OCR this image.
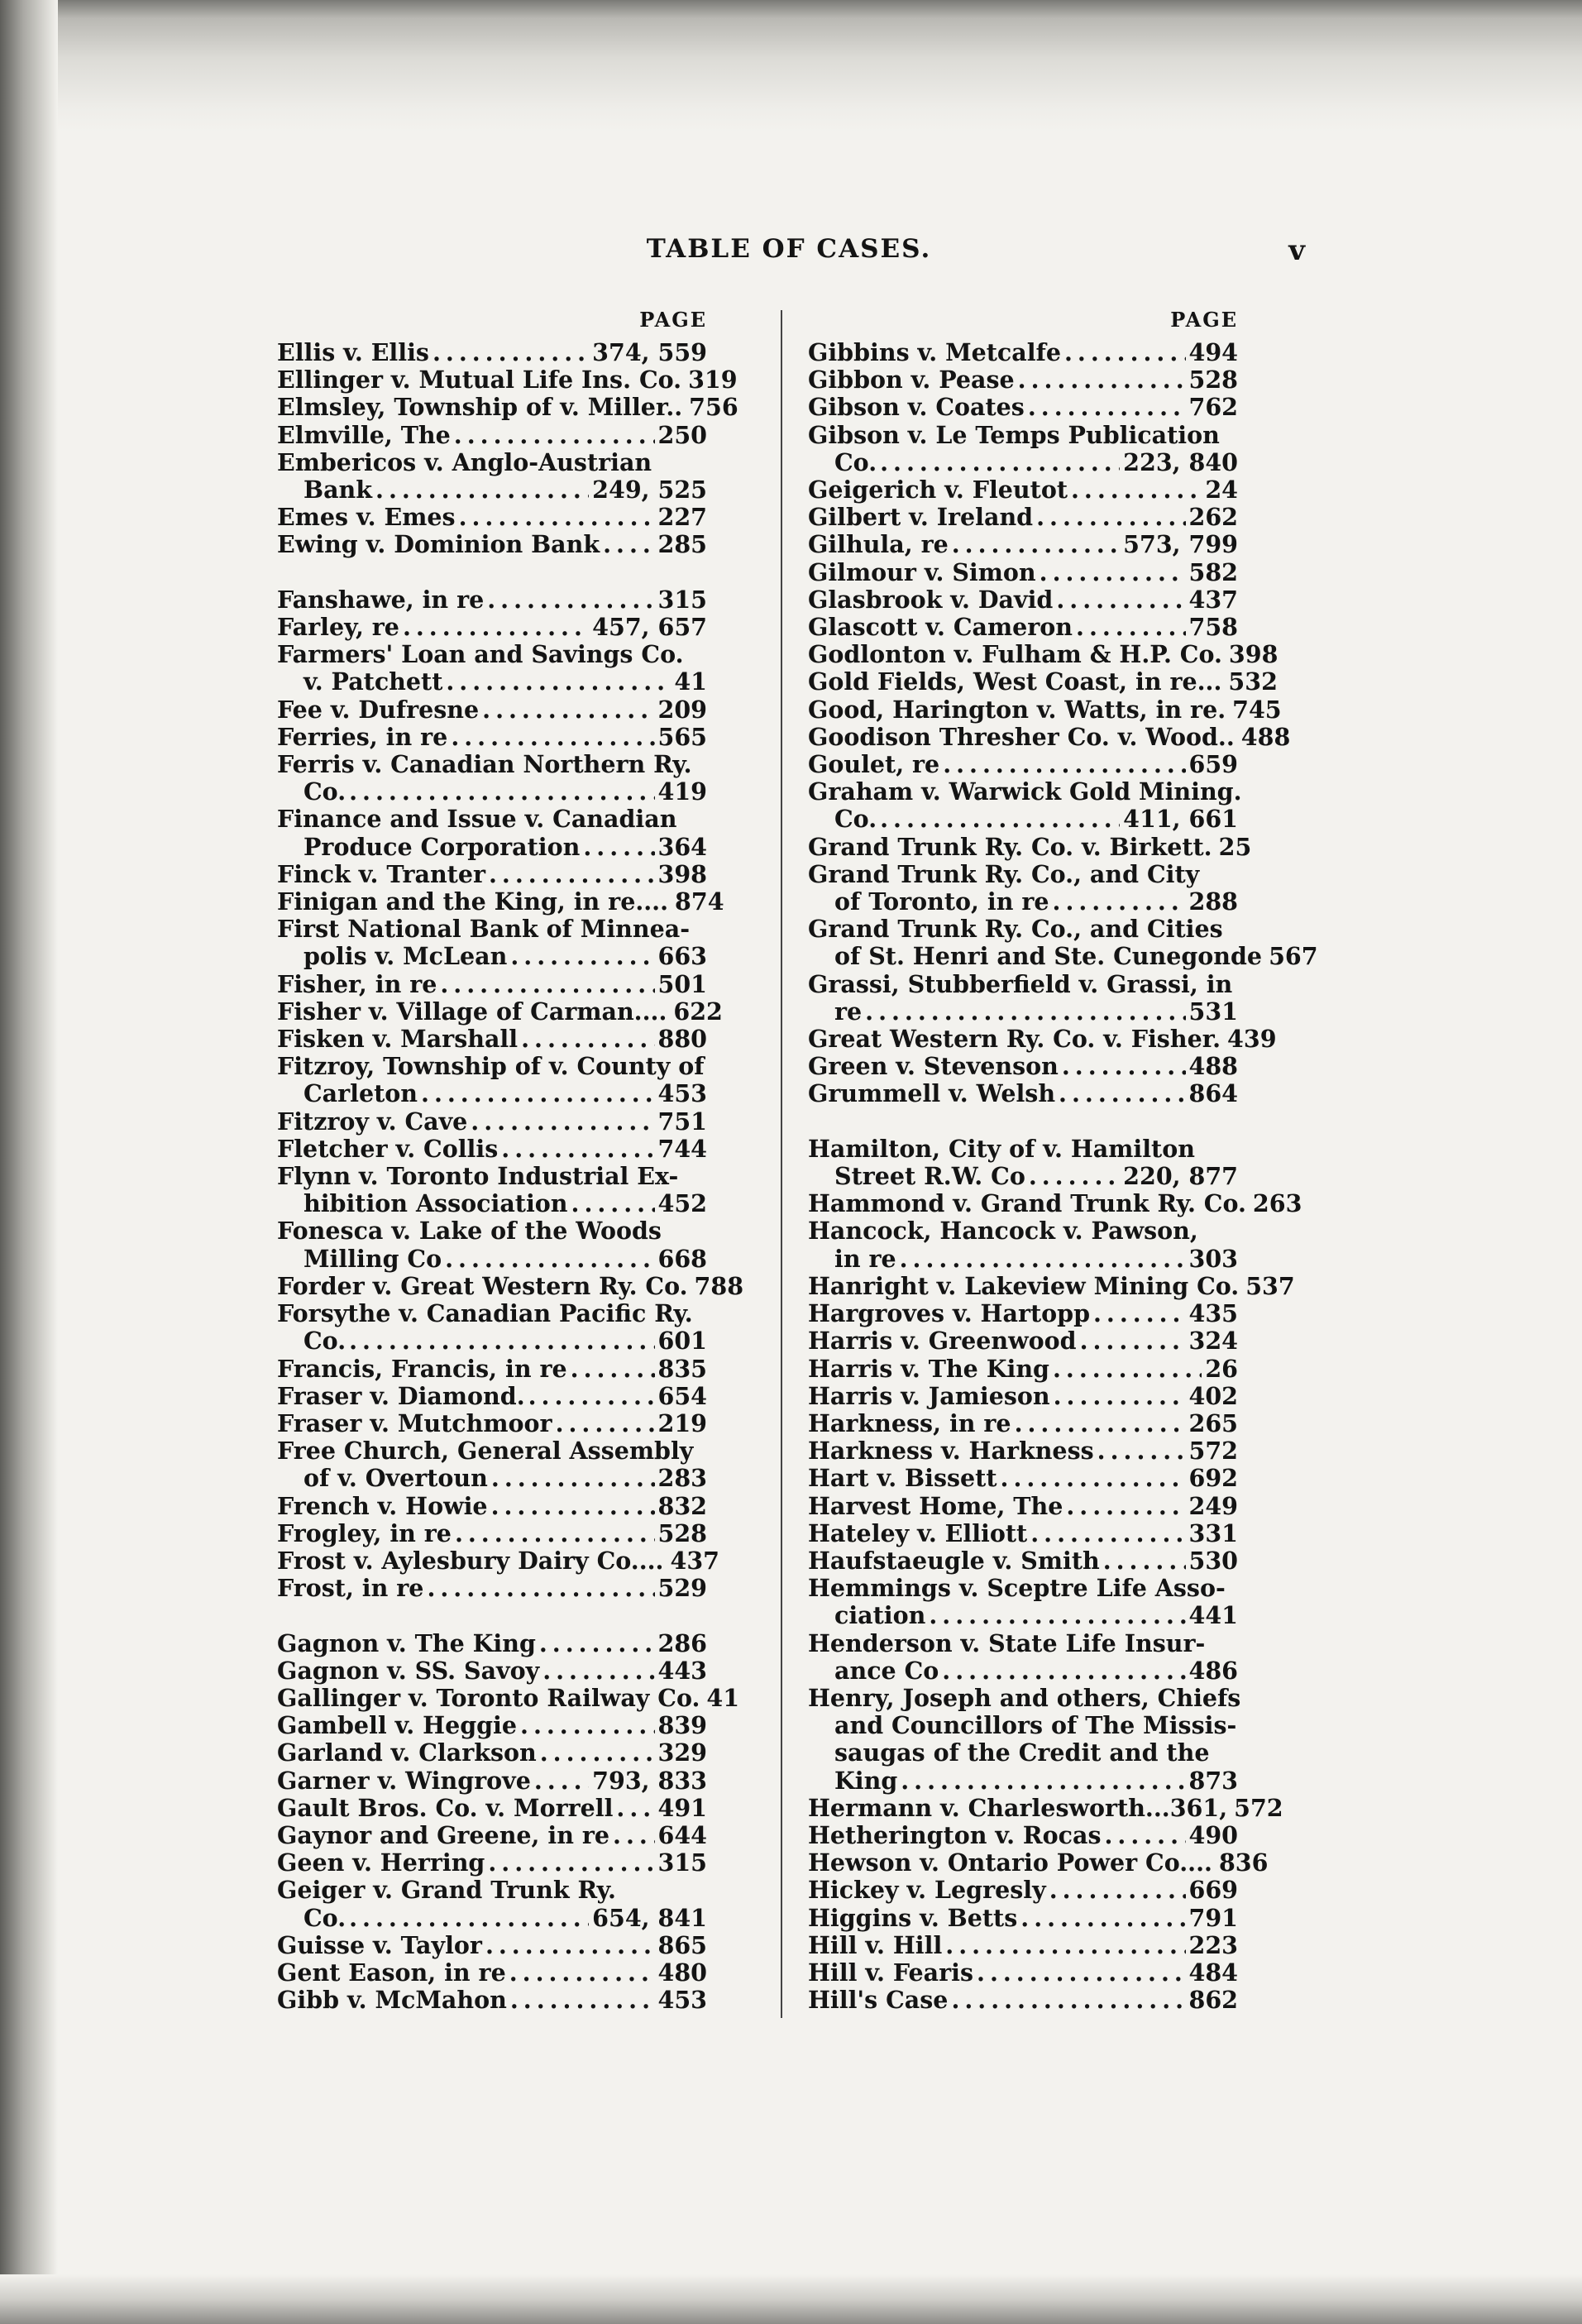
TABLE OF CASES.	v
PAGE
Ellis v. Ellis .....	374, 559
Ellinger v. Mutual Life Ins. Co. 319
Elmsley, Township of v. Miller.. 756
Elmville, The .....	250
Embericos v. Anglo-Austrian
Bank .....	249, 525
Emes v. Emes .....	227
Ewing v. Dominion Bank ..... 285
Fanshawe, in re .....	315
Farley, re .....	457, 657
Farmers' Loan and Savings Co.
v. Patchett .....	41
Fee v. Dufresne .....	209
Ferries, in re .....	565
Ferris v. Canadian Northern Ry.
Co. .....	419
Finance and Issue v. Canadian
Produce Corporation .....	364
Finck v. Tranter .....	398
Finigan and the King, in re.... 874
First National Bank of Minnea-
polis v. McLean .....	663
Fisher, in re .....	501
Fisher v. Village of Carman.... 622
Fisken v. Marshall .....	880
Fitzroy, Township of v. County of
Carleton .....	453
Fitzroy v. Cave .....	751
Fletcher v. Collis .....	744
Flynn v. Toronto Industrial Ex-
hibition Association .....	452
Fonesca v. Lake of the Woods
Milling Co .....	668
Forder v. Great Western Ry. Co. 788
Forsythe v. Canadian Pacific Ry.
Co. .....	601
Francis, Francis, in re .....	835
Fraser v. Diamond. .....	654
Fraser v. Mutchmoor .....	219
Free Church, General Assembly
of v. Overtoun .....	283
French v. Howie .....	832
Frogley, in re .....	528
Frost v. Aylesbury Dairy Co.... 437
Frost, in re .....	529
Gagnon v. The King .....	286
Gagnon v. SS. Savoy .....	443
Gallinger v. Toronto Railway Co. 41
Gambell v. Heggie .....	839
Garland v. Clarkson .....	329
Garner v. Wingrove .....	793, 833
Gault Bros. Co. v. Morrell ..... 491
Gaynor and Greene, in re ..... 644
Geen v. Herring .....	315
Geiger v. Grand Trunk Ry.
Co. .....	654, 841
Guisse v. Taylor .....	865
Gent Eason, in re .....	480
Gibb v. McMahon .....	453
PAGE
Gibbins v. Metcalfe .....	494
Gibbon v. Pease .....	528
Gibson v. Coates .....	762
Gibson v. Le Temps Publication
Co. .....	223, 840
Geigerich v. Fleutot .....	24
Gilbert v. Ireland .....	262
Gilhula, re .....	573, 799
Gilmour v. Simon .....	582
Glasbrook v. David .....	437
Glascott v. Cameron .....	758
Godlonton v. Fulham & H.P. Co. 398
Gold Fields, West Coast, in re... 532
Good, Harington v. Watts, in re. 745
Goodison Thresher Co. v. Wood.. 488
Goulet, re .....	659
Graham v. Warwick Gold Mining.
Co. .....	411, 661
Grand Trunk Ry. Co. v. Birkett. 25
Grand Trunk Ry. Co., and City
of Toronto, in re .....	288
Grand Trunk Ry. Co., and Cities
of St. Henri and Ste. Cunegonde 567
Grassi, Stubberfield v. Grassi, in
re .....	531
Great Western Ry. Co. v. Fisher. 439
Green v. Stevenson .....	488
Grummell v. Welsh .....	864
Hamilton, City of v. Hamilton
Street R.W. Co .....	220, 877
Hammond v. Grand Trunk Ry. Co. 263
Hancock, Hancock v. Pawson,
in re .....	303
Hanright v. Lakeview Mining Co. 537
Hargroves v. Hartopp .....	435
Harris v. Greenwood .....	324
Harris v. The King .....	26
Harris v. Jamieson .....	402
Harkness, in re .....	265
Harkness v. Harkness .....	572
Hart v. Bissett .....	692
Harvest Home, The .....	249
Hateley v. Elliott .....	331
Haufstaeugle v. Smith .....	530
Hemmings v. Sceptre Life Asso-
ciation .....	441
Henderson v. State Life Insur-
ance Co .....	486
Henry, Joseph and others, Chiefs
and Councillors of The Missis-
saugas of the Credit and the
King .....	873
Hermann v. Charlesworth...361, 572
Hetherington v. Rocas .....	490
Hewson v. Ontario Power Co.... 836
Hickey v. Legresly .....	669
Higgins v. Betts .....	791
Hill v. Hill .....	223
Hill v. Fearis .....	484
Hill's Case .....	862
